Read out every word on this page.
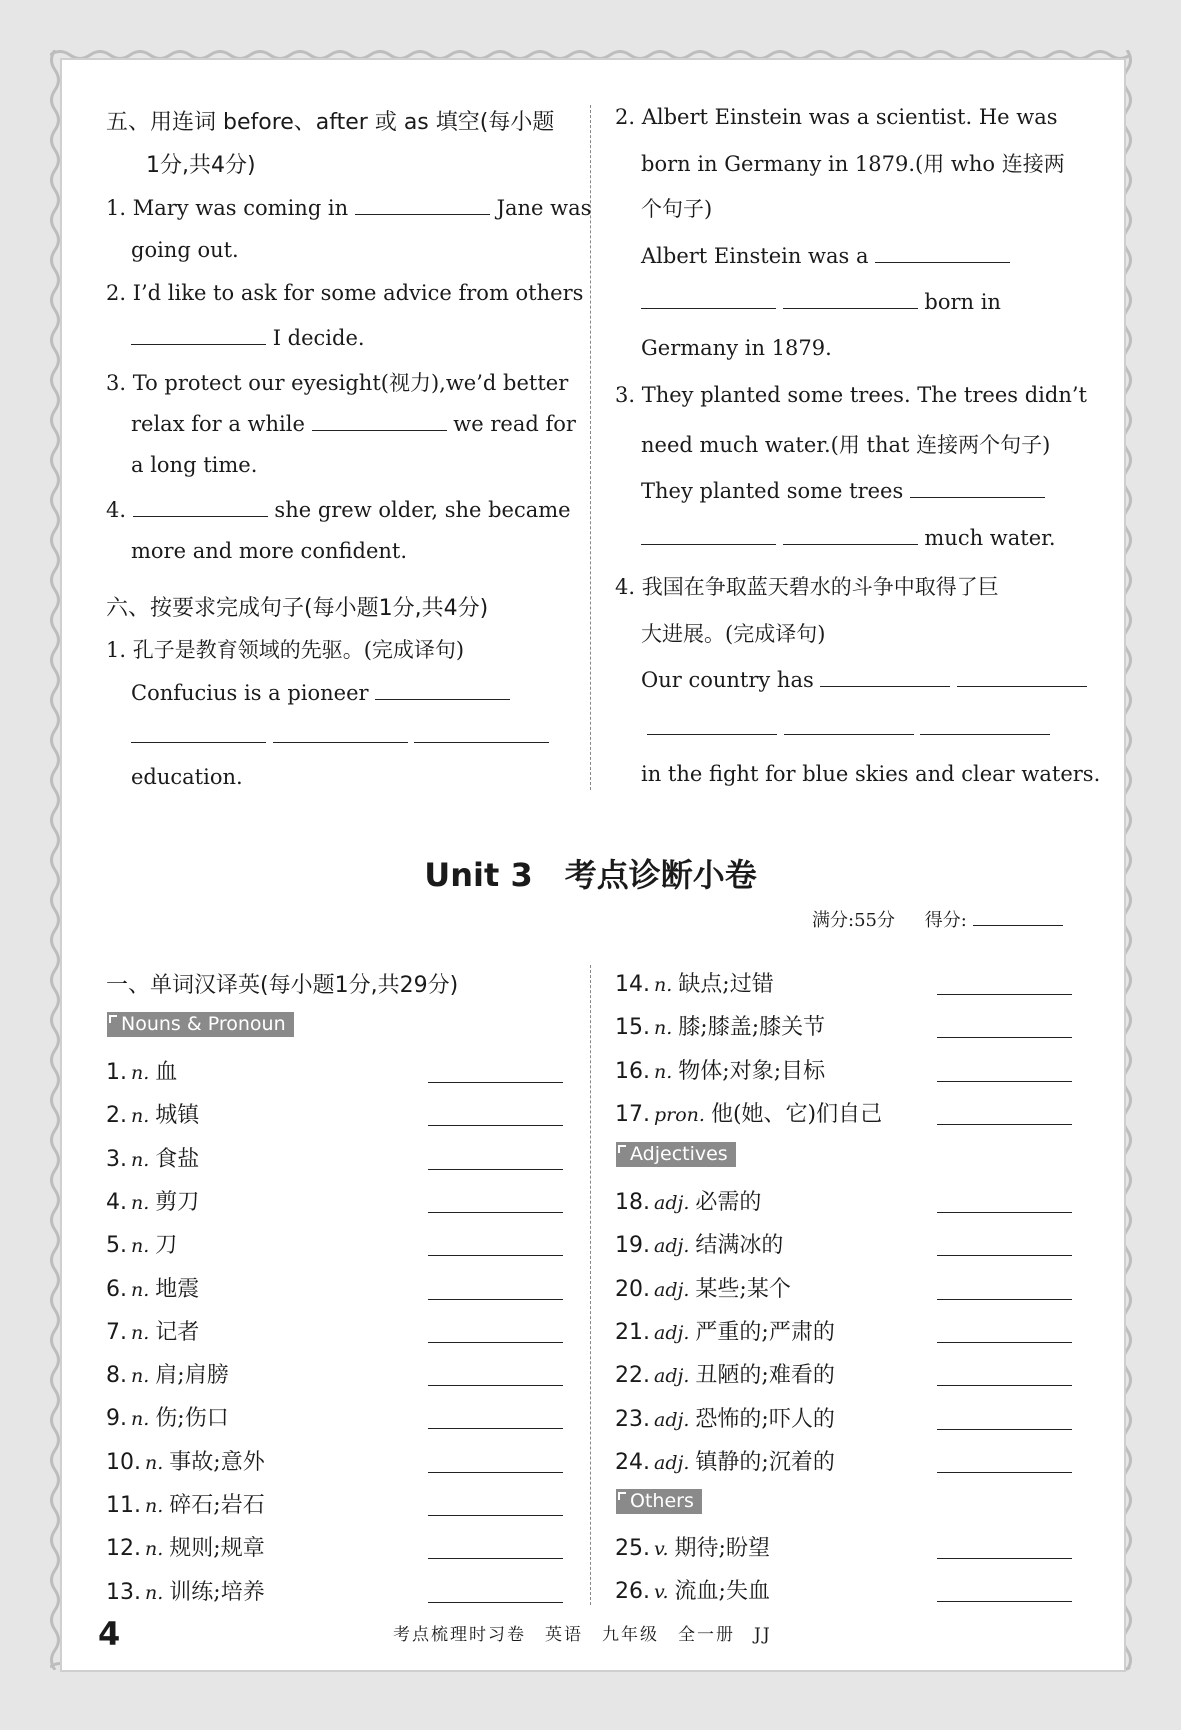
五、用连词 before、after 或 as 填空(每小题
1分,共4分)
1. Mary was coming in	Jane was
going out.
2. I’d like to ask for some advice from others
I decide.
3. To protect our eyesight(视力),we’d better
relax for a while	we read for
a long time.
4.	she grew older, she became
more and more confident.
六、按要求完成句子(每小题1分,共4分)
1. 孔子是教育领域的先驱。(完成译句)
Confucius is a pioneer

education.
2. Albert Einstein was a scientist. He was
born in Germany in 1879.(用 who 连接两
个句子)
Albert Einstein was a
born in
Germany in 1879.
3. They planted some trees. The trees didn’t
need much water.(用 that 连接两个句子)
They planted some trees
much water.
4. 我国在争取蓝天碧水的斗争中取得了巨
大进展。(完成译句)
Our country has

in the fight for blue skies and clear waters.
Unit 3　考点诊断小卷
满分:55分 得分:
一、单词汉译英(每小题1分,共29分)
Nouns & Pronoun
1. n. 血
2. n. 城镇
3. n. 食盐
4. n. 剪刀
5. n. 刀
6. n. 地震
7. n. 记者
8. n. 肩;肩膀
9. n. 伤;伤口
10. n. 事故;意外
11. n. 碎石;岩石
12. n. 规则;规章
13. n. 训练;培养
14. n. 缺点;过错
15. n. 膝;膝盖;膝关节
16. n. 物体;对象;目标
17. pron. 他(她、它)们自己
18. adj. 必需的
19. adj. 结满冰的
20. adj. 某些;某个
21. adj. 严重的;严肃的
22. adj. 丑陋的;难看的
23. adj. 恐怖的;吓人的
24. adj. 镇静的;沉着的
25. v. 期待;盼望
26. v. 流血;失血
Adjectives
Others
4	考点梳理时习卷　英语　九年级　全一册　JJ
